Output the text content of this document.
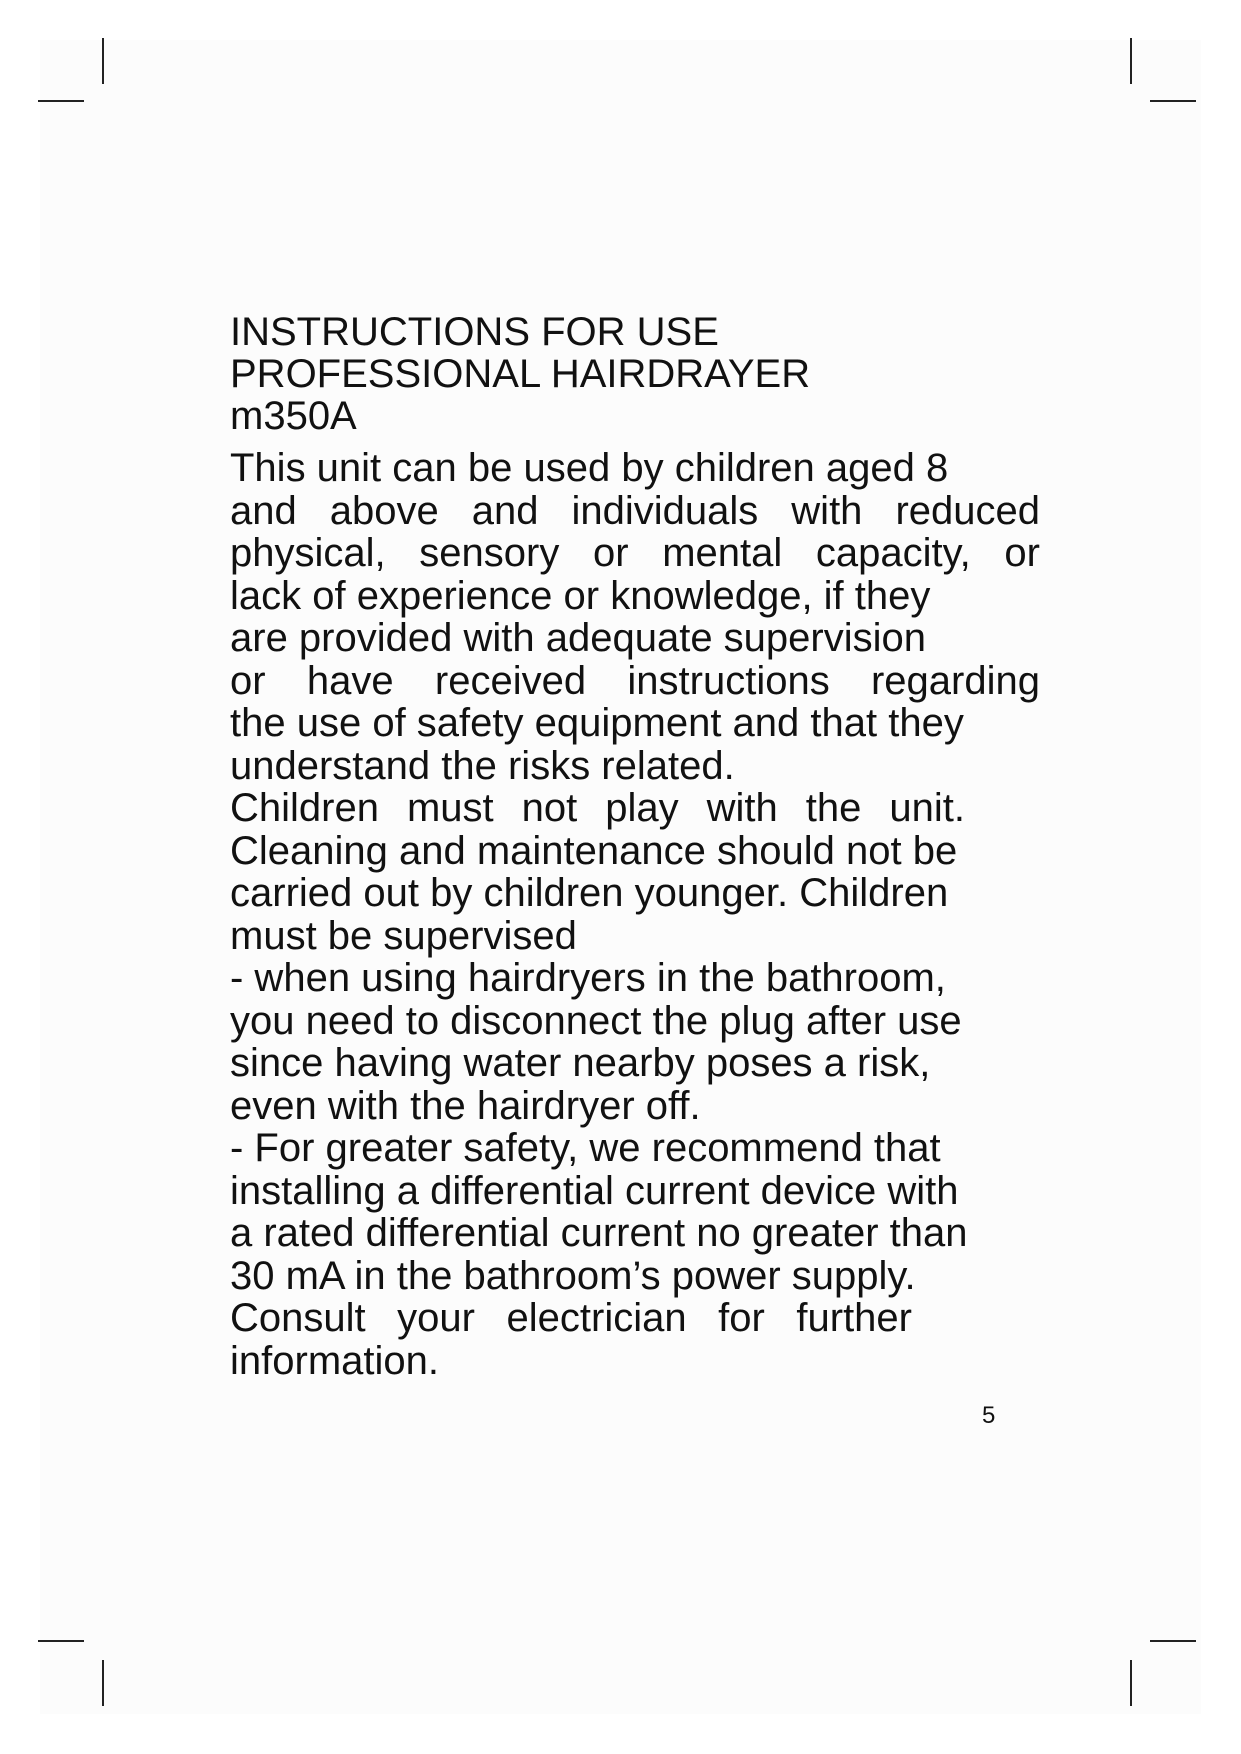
INSTRUCTIONS FOR USE
PROFESSIONAL HAIRDRAYER
m350A
This unit can be used by children aged 8
and above and individuals with reduced
physical, sensory or mental capacity, or
lack of experience or knowledge, if they
are provided with adequate supervision
or have received instructions regarding
the use of safety equipment and that they
understand the risks related.
Children must not play with the unit.
Cleaning and maintenance should not be
carried out by children younger. Children
must be supervised
- when using hairdryers in the bathroom,
you need to disconnect the plug after use
since having water nearby poses a risk,
even with the hairdryer off.
- For greater safety, we recommend that
installing a differential current device with
a rated differential current no greater than
30 mA in the bathroom’s power supply.
Consult your electrician for further
information.
5
